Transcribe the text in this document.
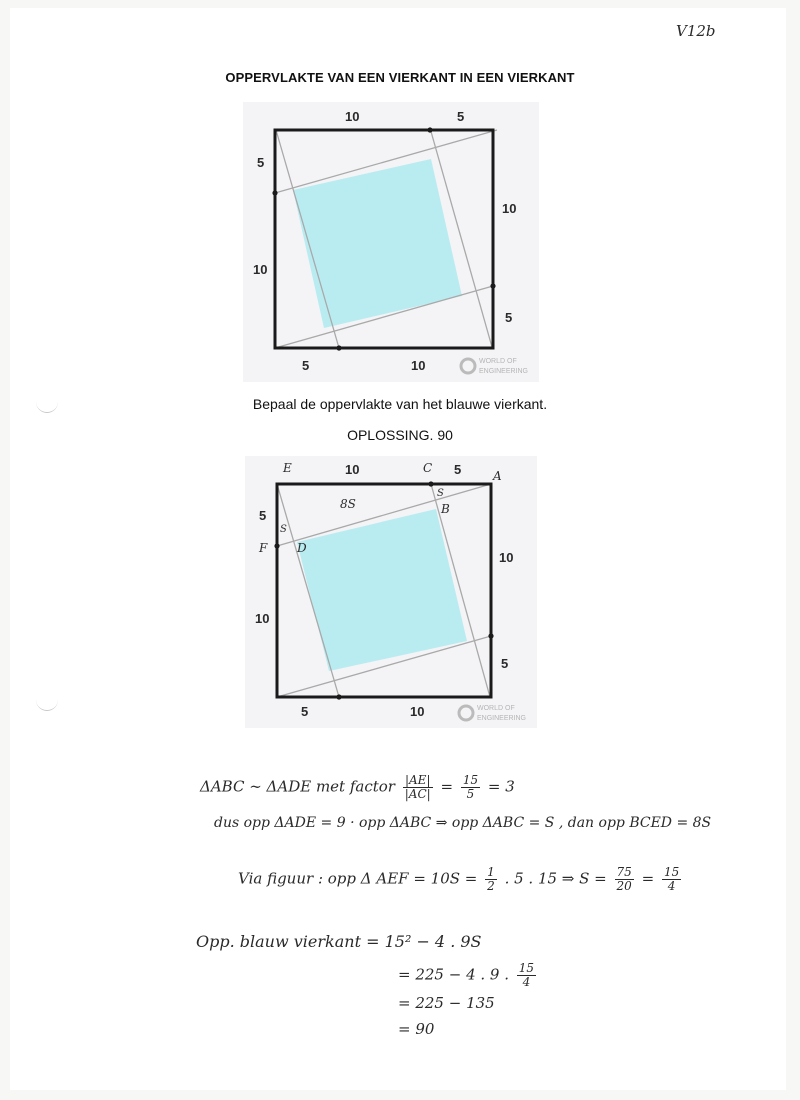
V12b
OPPERVLAKTE VAN EEN VIERKANT IN EEN VIERKANT
10	5
5
10
10
5
5	10	WORLD OF
ENGINEERING
Bepaal de oppervlakte van het blauwe vierkant.
OPLOSSING. 90
10	5
5
10
10
5
5	10
E	C
A
B
F D
8S
S
S
WORLD OF
ENGINEERING
ΔABC ∼ ΔADE met factor $\frac{|AE|}{|AC|} = \frac{15}{5} = 3$
dus opp ΔADE = 9 · opp ΔABC ⇒ opp ΔABC = S , dan opp BCED = 8S
Via figuur : opp Δ AEF = $10S = \frac{1}{2}$ . 5 . 15 ⇒ $S = \frac{75}{20} = \frac{15}{4}$
Opp. blauw vierkant = 15² − 4 . 9S
= 225 − 4 . 9 . $\frac{15}{4}$
= 225 − 135
= 90
